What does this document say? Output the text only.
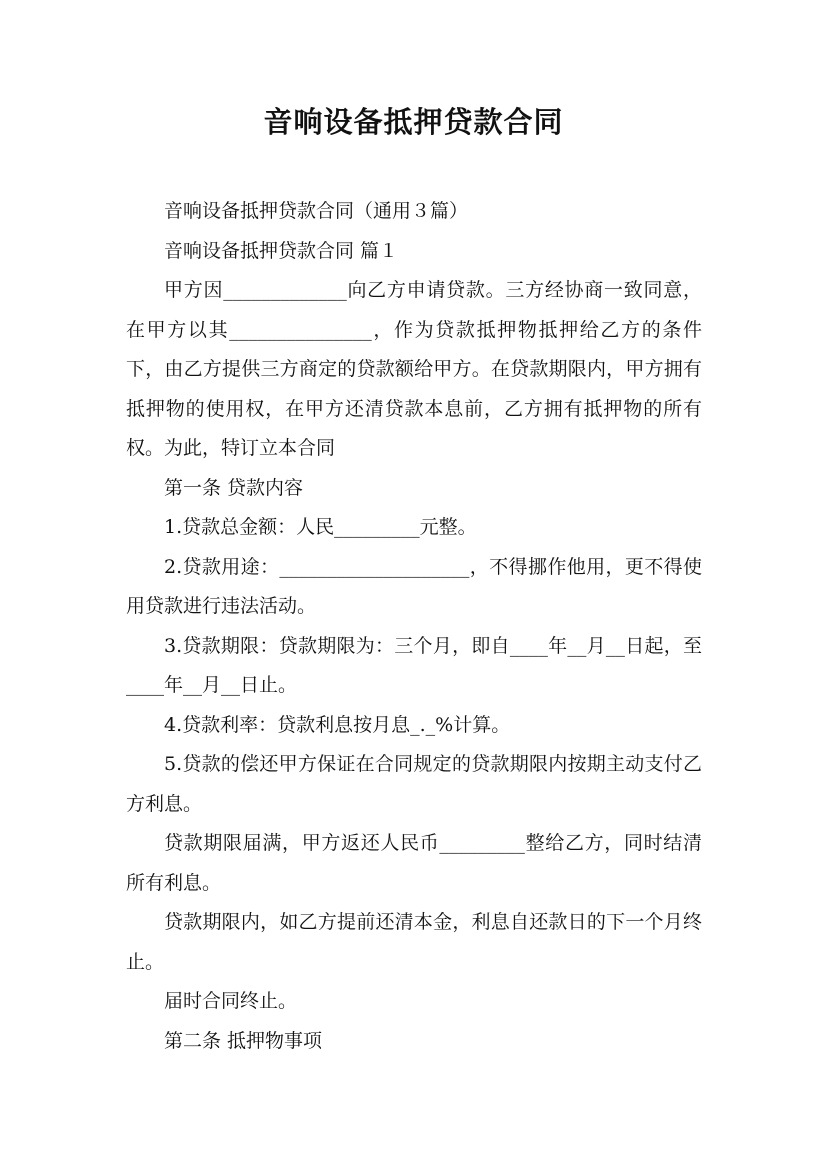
音响设备抵押贷款合同

音响设备抵押贷款合同（通用３篇）

音响设备抵押贷款合同 篇１

甲方因_____________向乙方申请贷款。三方经协商一致同意，在甲方以其_______________，作为贷款抵押物抵押给乙方的条件下，由乙方提供三方商定的贷款额给甲方。在贷款期限内，甲方拥有抵押物的使用权，在甲方还清贷款本息前，乙方拥有抵押物的所有权。为此，特订立本合同

第一条 贷款内容

1.贷款总金额：人民_________元整。

2.贷款用途：____________________，不得挪作他用，更不得使用贷款进行违法活动。

3.贷款期限：贷款期限为：三个月，即自____年__月__日起，至____年__月__日止。

4.贷款利率：贷款利息按月息_._%计算。

5.贷款的偿还甲方保证在合同规定的贷款期限内按期主动支付乙方利息。

贷款期限届满，甲方返还人民币_________整给乙方，同时结清所有利息。

贷款期限内，如乙方提前还清本金，利息自还款日的下一个月终止。

届时合同终止。

第二条 抵押物事项
